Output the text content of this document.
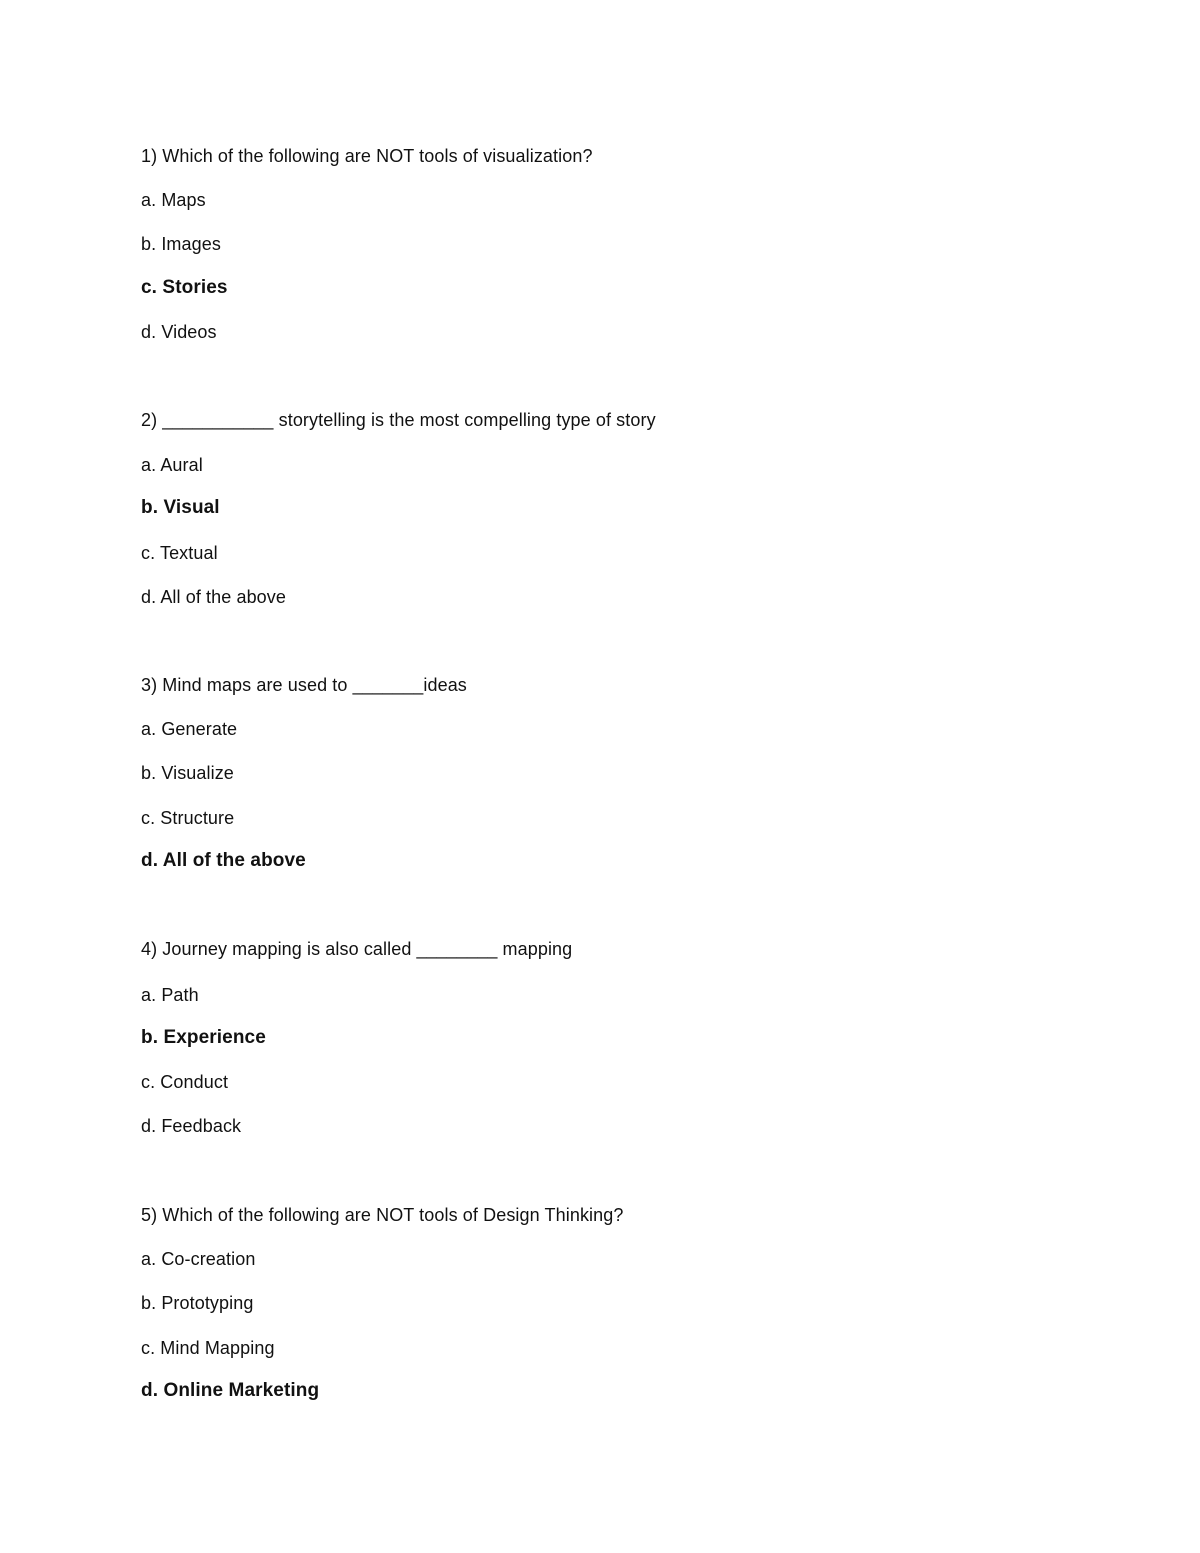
1) Which of the following are NOT tools of visualization?
a. Maps
b. Images
c. Stories
d. Videos
2) ___________ storytelling is the most compelling type of story
a. Aural
b. Visual
c. Textual
d. All of the above
3) Mind maps are used to _______ideas
a. Generate
b. Visualize
c. Structure
d. All of the above
4) Journey mapping is also called ________ mapping
a. Path
b. Experience
c. Conduct
d. Feedback
5) Which of the following are NOT tools of Design Thinking?
a. Co-creation
b. Prototyping
c. Mind Mapping
d. Online Marketing
